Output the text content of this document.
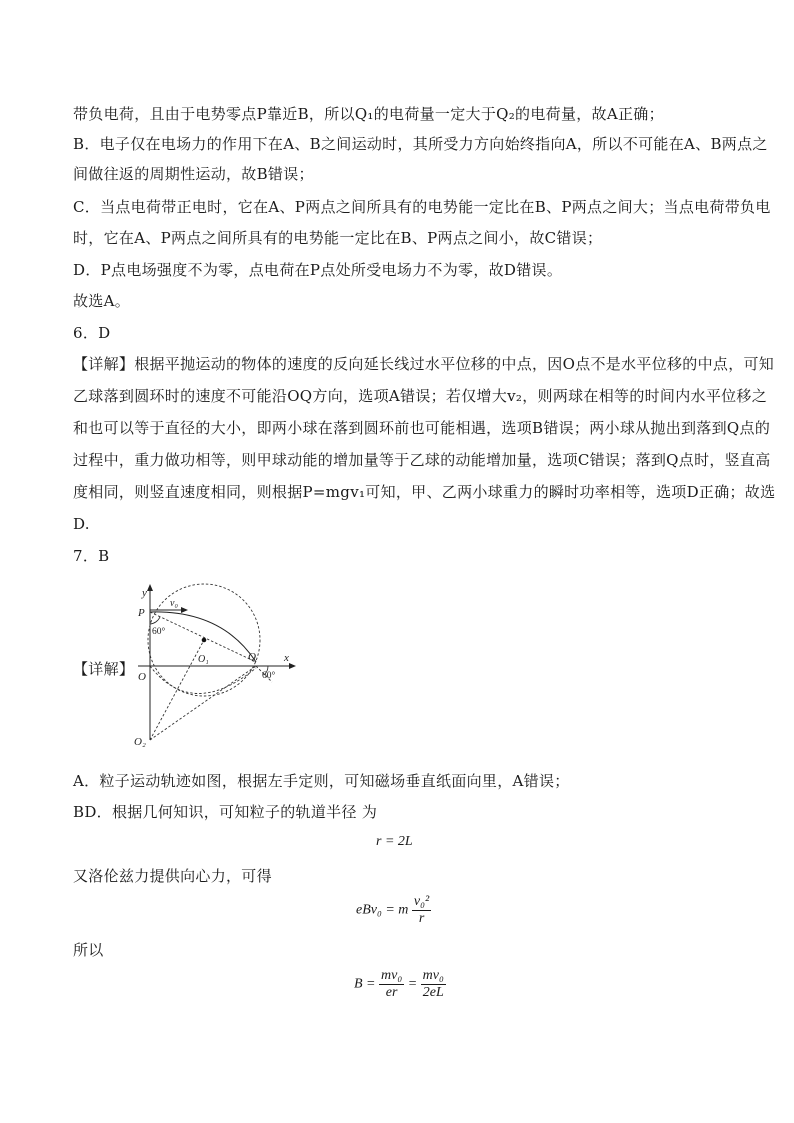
带负电荷，且由于电势零点P靠近B，所以Q₁的电荷量一定大于Q₂的电荷量，故A正确；
B．电子仅在电场力的作用下在A、B之间运动时，其所受力方向始终指向A，所以不可能在A、B两点之
间做往返的周期性运动，故B错误；
C．当点电荷带正电时，它在A、P两点之间所具有的电势能一定比在B、P两点之间大；当点电荷带负电
时，它在A、P两点之间所具有的电势能一定比在B、P两点之间小，故C错误；
D．P点电场强度不为零，点电荷在P点处所受电场力不为零，故D错误。
故选A。
6．D
【详解】根据平抛运动的物体的速度的反向延长线过水平位移的中点，因O点不是水平位移的中点，可知
乙球落到圆环时的速度不可能沿OQ方向，选项A错误；若仅增大v₂，则两球在相等的时间内水平位移之
和也可以等于直径的大小，即两小球在落到圆环前也可能相遇，选项B错误；两小球从抛出到落到Q点的
过程中，重力做功相等，则甲球动能的增加量等于乙球的动能增加量，选项C错误；落到Q点时，竖直高
度相同，则竖直速度相同，则根据P=mgv₁可知，甲、乙两小球重力的瞬时功率相等，选项D正确；故选
D.
7．B
【详解】
y
x
P
v₀
60°
O₁	Q
O	60°
O₂
A．粒子运动轨迹如图，根据左手定则，可知磁场垂直纸面向里，A错误；
BD．根据几何知识，可知粒子的轨道半径 为
r = 2L
又洛伦兹力提供向心力，可得
eBv₀ = m $\frac{\text{v₀²}}{r}$
所以
$B = \frac{\text{mv₀}}{er} = \frac{\text{mv₀}}{2eL}$
